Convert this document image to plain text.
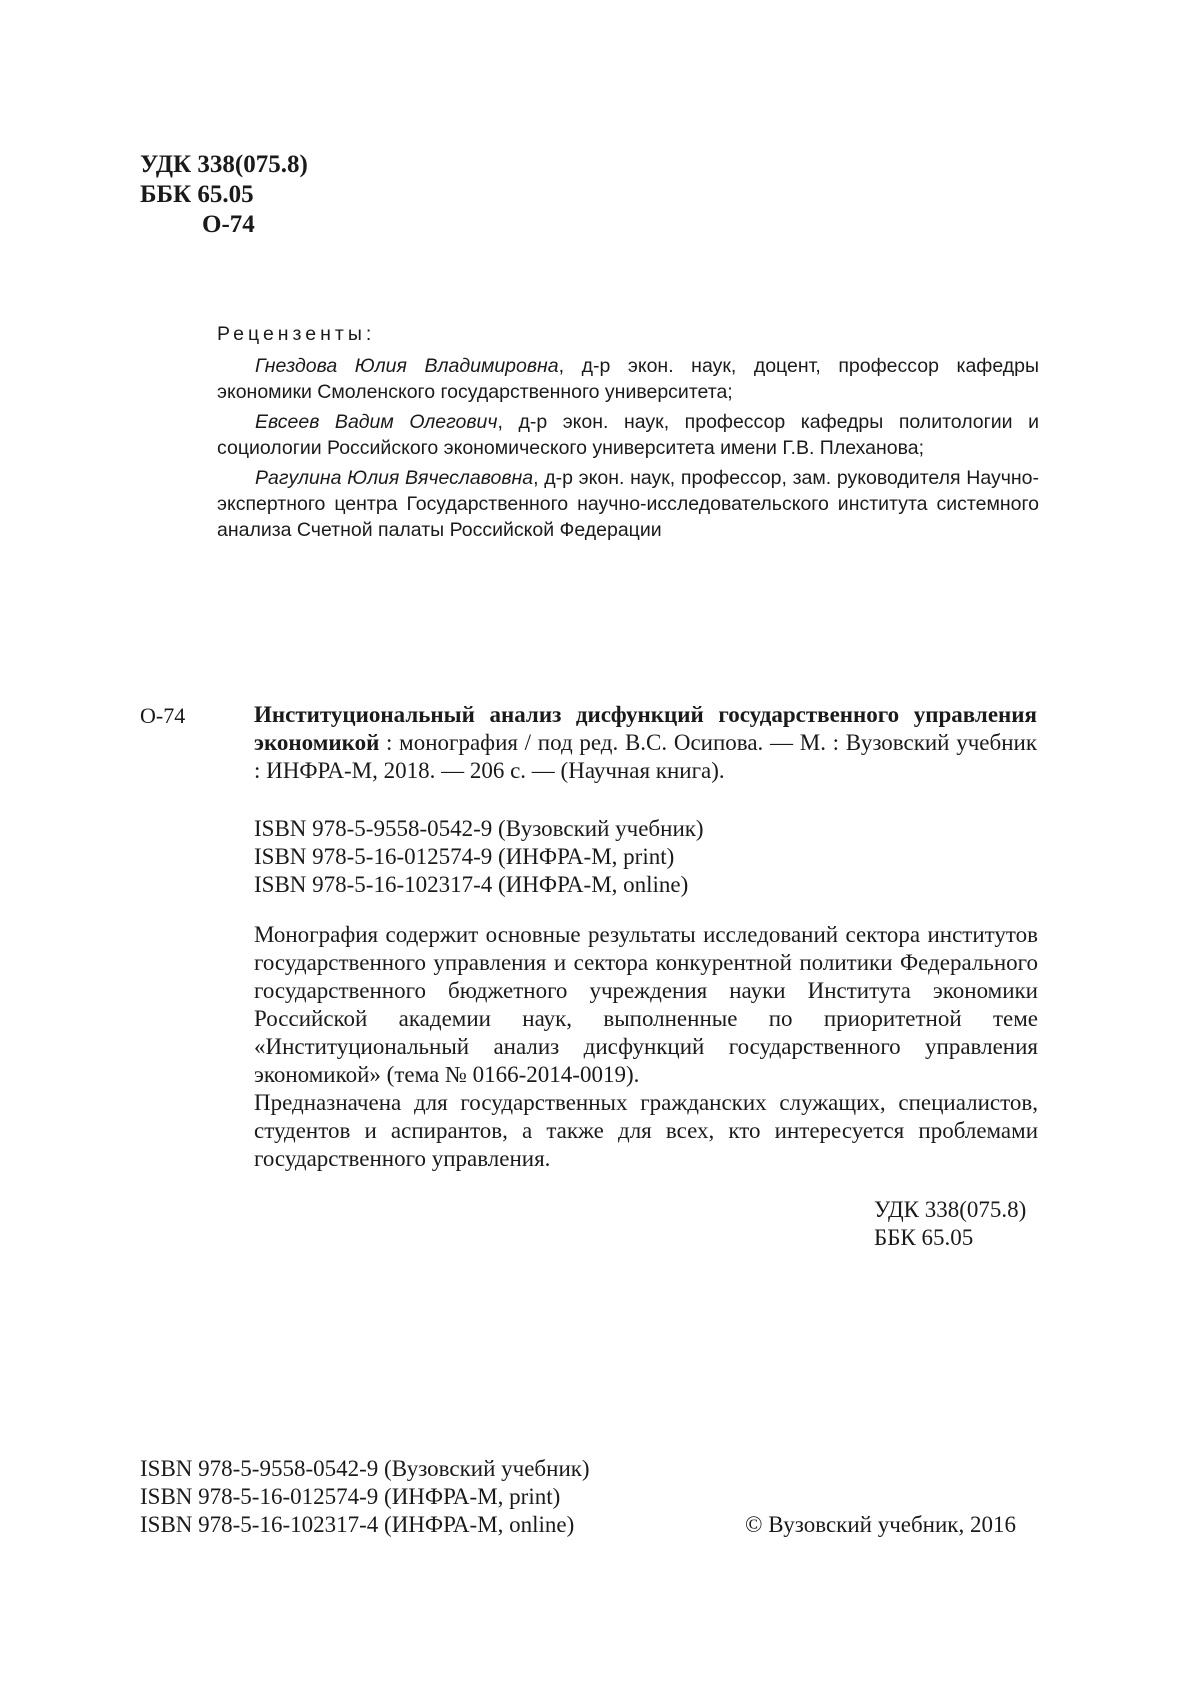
УДК 338(075.8)
ББК 65.05
О-74
Рецензенты:

Гнездова Юлия Владимировна, д-р экон. наук, доцент, профессор кафедры экономики Смоленского государственного университета;

Евсеев Вадим Олегович, д-р экон. наук, профессор кафедры политологии и социологии Российского экономического университета имени Г.В. Плеханова;

Рагулина Юлия Вячеславовна, д-р экон. наук, профессор, зам. руководителя Научно-экспертного центра Государственного научно-исследовательского института системного анализа Счетной палаты Российской Федерации

О-74	Институциональный анализ дисфункций государственного управления экономикой : монография / под ред. В.С. Осипова. — М. : Вузовский учебник : ИНФРА-М, 2018. — 206 с. — (Научная книга).
ISBN 978-5-9558-0542-9 (Вузовский учебник)
ISBN 978-5-16-012574-9 (ИНФРА-М, print)
ISBN 978-5-16-102317-4 (ИНФРА-М, online)

Монография содержит основные результаты исследований сектора институтов государственного управления и сектора конкурентной политики Федерального государственного бюджетного учреждения науки Института экономики Российской академии наук, выполненные по приоритетной теме «Институциональный анализ дисфункций государственного управления экономикой» (тема № 0166-2014-0019).

Предназначена для государственных гражданских служащих, специалистов, студентов и аспирантов, а также для всех, кто интересуется проблемами государственного управления.

УДК 338(075.8)
ББК 65.05
ISBN 978-5-9558-0542-9 (Вузовский учебник)
ISBN 978-5-16-012574-9 (ИНФРА-М, print)
ISBN 978-5-16-102317-4 (ИНФРА-М, online)	© Вузовский учебник, 2016
